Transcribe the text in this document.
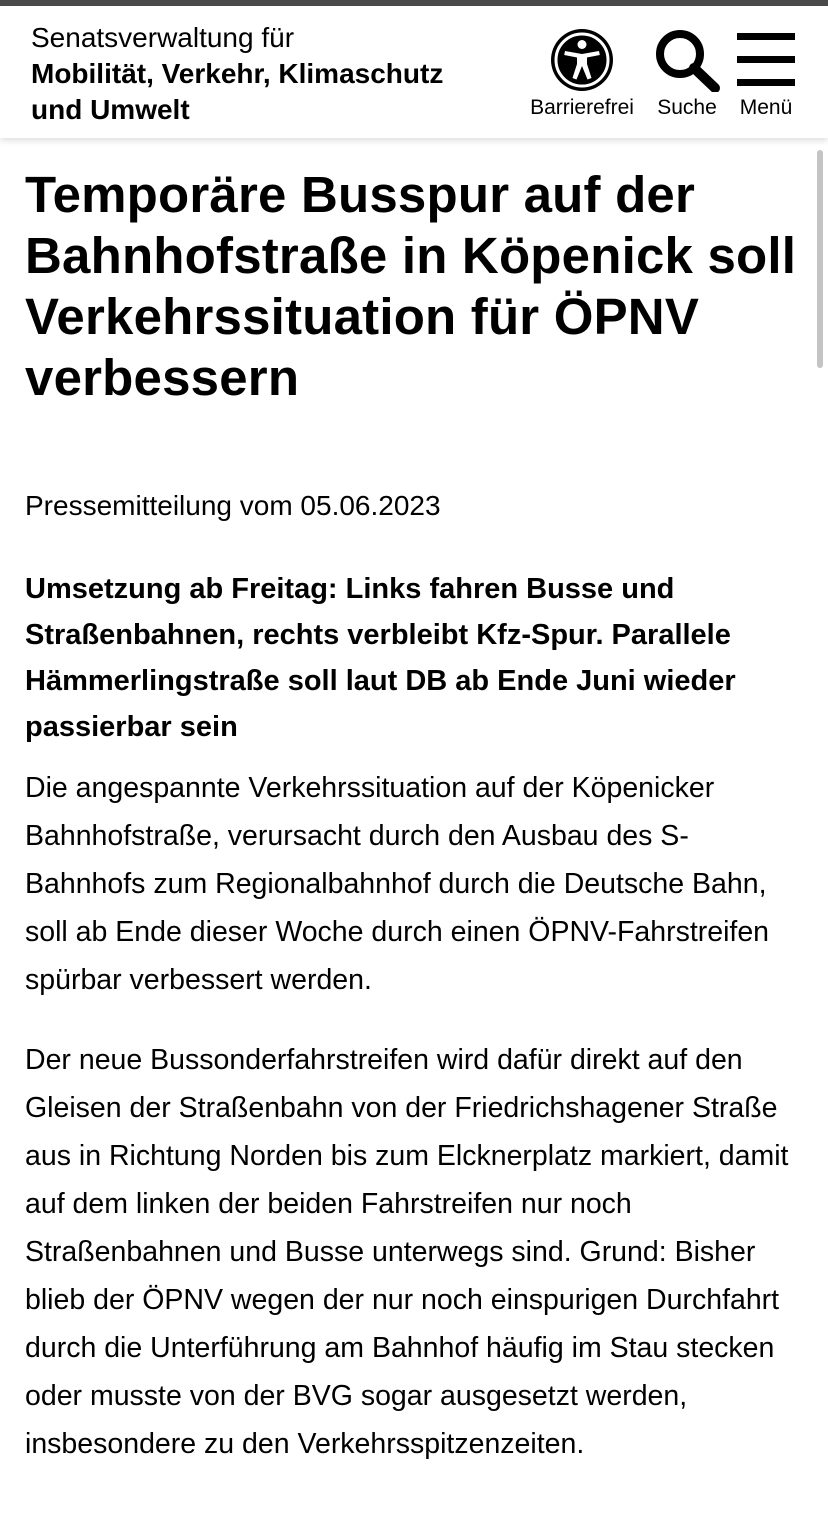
Senatsverwaltung für
Mobilität, Verkehr, Klimaschutz
und Umwelt	Barrierefrei	Suche	Menü
Temporäre Busspur auf der Bahnhofstraße in Köpenick soll Verkehrssituation für ÖPNV verbessern

Pressemitteilung vom 05.06.2023

Umsetzung ab Freitag: Links fahren Busse und Straßenbahnen, rechts verbleibt Kfz-Spur. Parallele Hämmerlingstraße soll laut DB ab Ende Juni wieder passierbar sein

Die angespannte Verkehrssituation auf der Köpenicker Bahnhofstraße, verursacht durch den Ausbau des S-Bahnhofs zum Regionalbahnhof durch die Deutsche Bahn, soll ab Ende dieser Woche durch einen ÖPNV-Fahrstreifen spürbar verbessert werden.

Der neue Bussonderfahrstreifen wird dafür direkt auf den Gleisen der Straßenbahn von der Friedrichshagener Straße aus in Richtung Norden bis zum Elcknerplatz markiert, damit auf dem linken der beiden Fahrstreifen nur noch Straßenbahnen und Busse unterwegs sind. Grund: Bisher blieb der ÖPNV wegen der nur noch einspurigen Durchfahrt durch die Unterführung am Bahnhof häufig im Stau stecken oder musste von der BVG sogar ausgesetzt werden, insbesondere zu den Verkehrsspitzenzeiten.
